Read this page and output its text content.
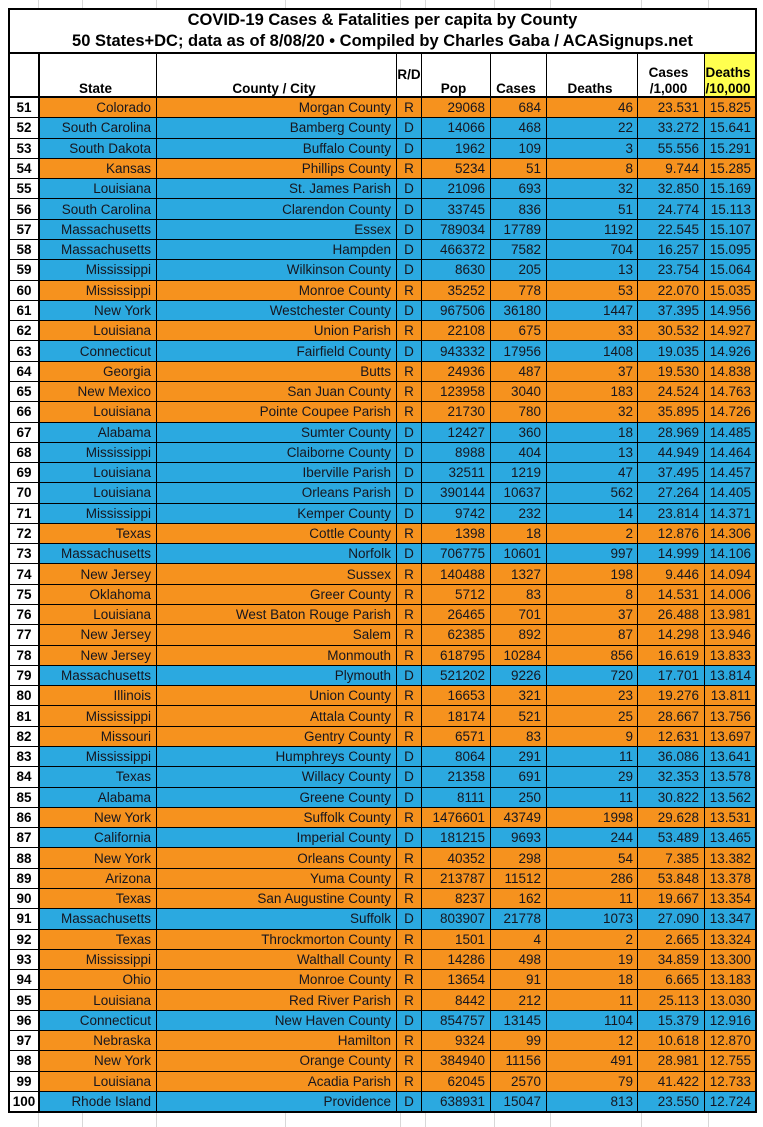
COVID-19 Cases & Fatalities per capita by County
50 States+DC; data as of 8/08/20 • Compiled by Charles Gaba / ACASignups.net
State	County / City
R/D
Pop Cases Deaths
Cases
/1,000
Deaths
/10,000
51	Colorado	Morgan County R	29068	684	46	23.531 15.825
52	South Carolina	Bamberg County D	14066	468	22	33.272 15.641
53	South Dakota	Buffalo County D	1962	109	3	55.556 15.291
54	Kansas	Phillips County R	5234	51	8	9.744 15.285
55	Louisiana	St. James Parish D	21096	693	32	32.850 15.169
56	South Carolina	Clarendon County D	33745	836	51	24.774 15.113
57	Massachusetts	Essex D	789034	17789	1192	22.545 15.107
58	Massachusetts	Hampden D	466372	7582	704	16.257 15.095
59	Mississippi	Wilkinson County D	8630	205	13	23.754 15.064
60	Mississippi	Monroe County R	35252	778	53	22.070 15.035
61	New York	Westchester County D	967506	36180	1447	37.395 14.956
62	Louisiana	Union Parish R	22108	675	33	30.532 14.927
63	Connecticut	Fairfield County D	943332	17956	1408	19.035 14.926
64	Georgia	Butts R	24936	487	37	19.530 14.838
65	New Mexico	San Juan County R	123958	3040	183	24.524 14.763
66	Louisiana	Pointe Coupee Parish R	21730	780	32	35.895 14.726
67	Alabama	Sumter County D	12427	360	18	28.969 14.485
68	Mississippi	Claiborne County D	8988	404	13	44.949 14.464
69	Louisiana	Iberville Parish D	32511	1219	47	37.495 14.457
70	Louisiana	Orleans Parish D	390144	10637	562	27.264 14.405
71	Mississippi	Kemper County D	9742	232	14	23.814 14.371
72	Texas	Cottle County R	1398	18	2	12.876 14.306
73	Massachusetts	Norfolk D	706775	10601	997	14.999 14.106
74	New Jersey	Sussex R	140488	1327	198	9.446 14.094
75	Oklahoma	Greer County R	5712	83	8	14.531 14.006
76	Louisiana	West Baton Rouge Parish R	26465	701	37	26.488 13.981
77	New Jersey	Salem R	62385	892	87	14.298 13.946
78	New Jersey	Monmouth R	618795	10284	856	16.619 13.833
79	Massachusetts	Plymouth D	521202	9226	720	17.701 13.814
80	Illinois	Union County R	16653	321	23	19.276 13.811
81	Mississippi	Attala County R	18174	521	25	28.667 13.756
82	Missouri	Gentry County R	6571	83	9	12.631 13.697
83	Mississippi	Humphreys County D	8064	291	11	36.086 13.641
84	Texas	Willacy County D	21358	691	29	32.353 13.578
85	Alabama	Greene County D	8111	250	11	30.822 13.562
86	New York	Suffolk County R	1476601	43749	1998	29.628 13.531
87	California	Imperial County D	181215	9693	244	53.489 13.465
88	New York	Orleans County R	40352	298	54	7.385 13.382
89	Arizona	Yuma County R	213787	11512	286	53.848 13.378
90	Texas	San Augustine County R	8237	162	11	19.667 13.354
91	Massachusetts	Suffolk D	803907	21778	1073	27.090 13.347
92	Texas	Throckmorton County R	1501	4	2	2.665 13.324
93	Mississippi	Walthall County R	14286	498	19	34.859 13.300
94	Ohio	Monroe County R	13654	91	18	6.665 13.183
95	Louisiana	Red River Parish R	8442	212	11	25.113 13.030
96	Connecticut	New Haven County D	854757	13145	1104	15.379 12.916
97	Nebraska	Hamilton R	9324	99	12	10.618 12.870
98	New York	Orange County R	384940	11156	491	28.981 12.755
99	Louisiana	Acadia Parish R	62045	2570	79	41.422 12.733
100	Rhode Island	Providence D	638931	15047	813	23.550 12.724
